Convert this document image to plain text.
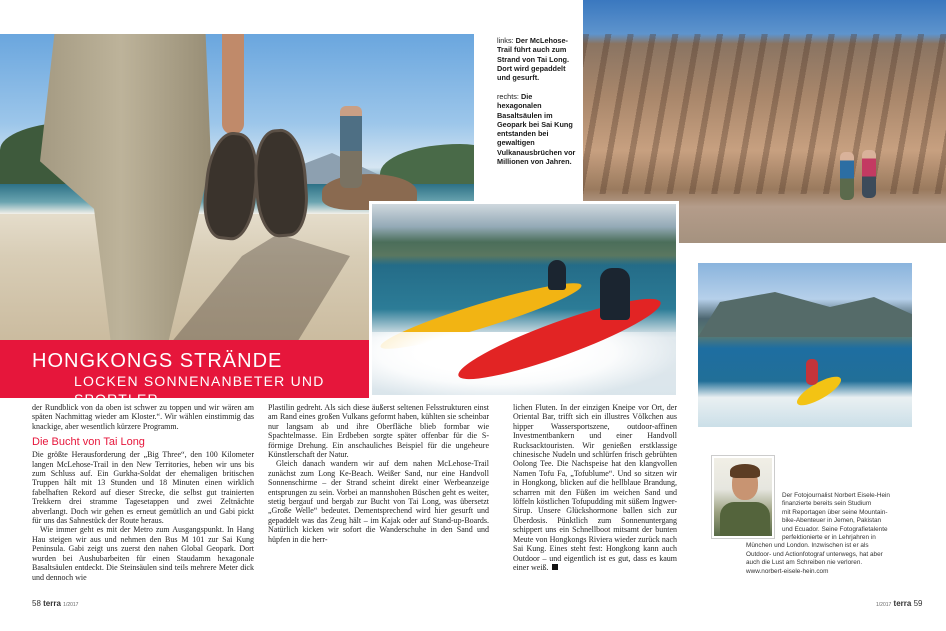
links: Der McLehose-Trail führt auch zum Strand von Tai Long. Dort wird gepaddelt und gesurft.
rechts: Die hexagonalen Basaltsäulen im Geopark bei Sai Kung entstanden bei gewaltigen Vulkanausbrüchen vor Millionen von Jahren.
HONGKONGS STRÄNDE
LOCKEN SONNENANBETER UND SPORTLER

der Rundblick von da oben ist schwer zu toppen und wir wären am späten Nachmittag wieder am Kloster.“. Wir wählen einstimmig das knackige, aber wesentlich kürzere Programm.

Die Bucht von Tai Long

Die größte Herausforderung der „Big Three“, den 100 Kilometer langen McLehose-Trail in den New Territories, heben wir uns bis zum Schluss auf. Ein Gurkha-Soldat der ehemaligen britischen Truppen hält mit 13 Stunden und 18 Minuten einen wirklich fabelhaften Rekord auf dieser Strecke, die selbst gut trainierten Trekkern drei stramme Tagesetappen und zwei Zeltnächte abverlangt. Doch wir gehen es erneut gemütlich an und Gabi pickt für uns das Sahnestück der Route heraus.

Wie immer geht es mit der Metro zum Ausgangspunkt. In Hang Hau steigen wir aus und nehmen den Bus M 101 zur Sai Kung Peninsula. Gabi zeigt uns zuerst den nahen Global Geopark. Dort wurden bei Aushubarbeiten für einen Staudamm hexagonale Basaltsäulen entdeckt. Die Steinsäulen sind teils mehrere Meter dick und dennoch wie

Plastilin gedreht. Als sich diese äußerst seltenen Felsstrukturen einst am Rand eines großen Vulkans geformt haben, kühlten sie scheinbar nur langsam ab und ihre Oberfläche blieb formbar wie Spachtelmasse. Ein Erdbeben sorgte später offenbar für die S-förmige Drehung. Ein anschauliches Beispiel für die ungeheure Künstlerschaft der Natur.

Gleich danach wandern wir auf dem nahen McLehose-Trail zunächst zum Long Ke-Beach. Weißer Sand, nur eine Handvoll Sonnenschirme – der Strand scheint direkt einer Werbeanzeige entsprungen zu sein. Vorbei an mannshohen Büschen geht es weiter, stetig bergauf und bergab zur Bucht von Tai Long, was übersetzt „Große Welle“ bedeutet. Dementsprechend wird hier gesurft und gepaddelt was das Zeug hält – im Kajak oder auf Stand-up-Boards. Natürlich kicken wir sofort die Wanderschuhe in den Sand und hüpfen in die herr-

lichen Fluten. In der einzigen Kneipe vor Ort, der Oriental Bar, trifft sich ein illustres Völkchen aus hipper Wassersportszene, outdoor-affinen Investmentbankern und einer Handvoll Rucksacktouristen. Wir genießen erstklassige chinesische Nudeln und schlürfen frisch gebrühten Oolong Tee. Die Nachspeise hat den klangvollen Namen Tofu Fa, „Tofublume“. Und so sitzen wir in Hongkong, blicken auf die hellblaue Brandung, scharren mit den Füßen im weichen Sand und löffeln köstlichen Tofupudding mit süßem Ingwer-Sirup. Unsere Glückshormone ballen sich zur Überdosis. Pünktlich zum Sonnenuntergang schippert uns ein Schnellboot mitsamt der bunten Meute von Hongkongs Riviera wieder zurück nach Sai Kung. Eines steht fest: Hongkong kann auch Outdoor – und eigentlich ist es gut, dass es kaum einer weiß.

Der Fotojournalist Norbert Eisele-Hein
finanzierte bereits sein Studium
mit Reportagen über seine Mountain-
bike-Abenteuer in Jemen, Pakistan
und Ecuador. Seine Fotografietalente
perfektionierte er in Lehrjahren in
München und London. Inzwischen ist er als
Outdoor- und Actionfotograf unterwegs, hat aber
auch die Lust am Schreiben nie verloren.
www.norbert-eisele-hein.com
58 terra 1/2017	1/2017 terra 59
